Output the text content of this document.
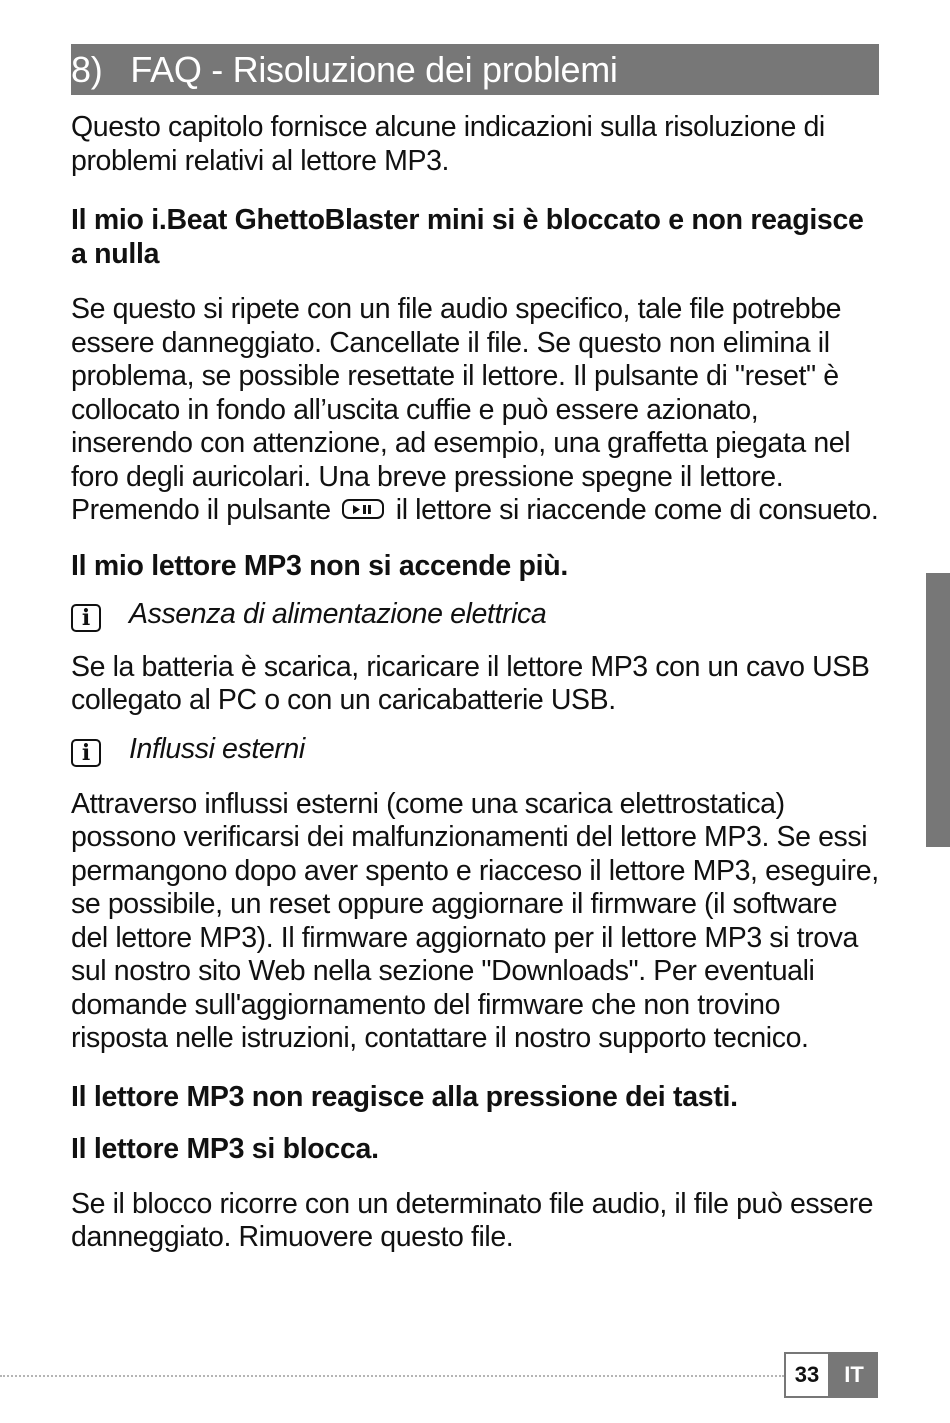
8) FAQ - Risoluzione dei problemi

Questo capitolo fornisce alcune indicazioni sulla risoluzione di problemi relativi al lettore MP3.

Il mio i.Beat GhettoBlaster mini si è bloccato e non reagisce a nulla

Se questo si ripete con un file audio specifico, tale file potrebbe essere danneggiato. Cancellate il file. Se questo non elimina il problema, se possible resettate il lettore. Il pulsante di "reset" è collocato in fondo all’uscita cuffie e può essere azionato, inserendo con attenzione, ad esempio, una graffetta piegata nel foro degli auricolari. Una breve pressione spegne il lettore. Premendo il pulsante
il lettore si riaccende come di consueto.

Il mio lettore MP3 non si accende più.
i	Assenza di alimentazione elettrica

Se la batteria è scarica, ricaricare il lettore MP3 con un cavo USB collegato al PC o con un caricabatterie USB.

i	Influssi esterni

Attraverso influssi esterni (come una scarica elettrostatica) possono verificarsi dei malfunzionamenti del lettore MP3. Se essi permangono dopo aver spento e riacceso il lettore MP3, eseguire, se possibile, un reset oppure aggiornare il firmware (il software del lettore MP3). Il firmware aggiornato per il lettore MP3 si trova sul nostro sito Web nella sezione "Downloads". Per eventuali domande sull'aggiornamento del firmware che non trovino risposta nelle istruzioni, contattare il nostro supporto tecnico.

Il lettore MP3 non reagisce alla pressione dei tasti.
Il lettore MP3 si blocca.

Se il blocco ricorre con un determinato file audio, il file può essere danneggiato. Rimuovere questo file.

33	IT
